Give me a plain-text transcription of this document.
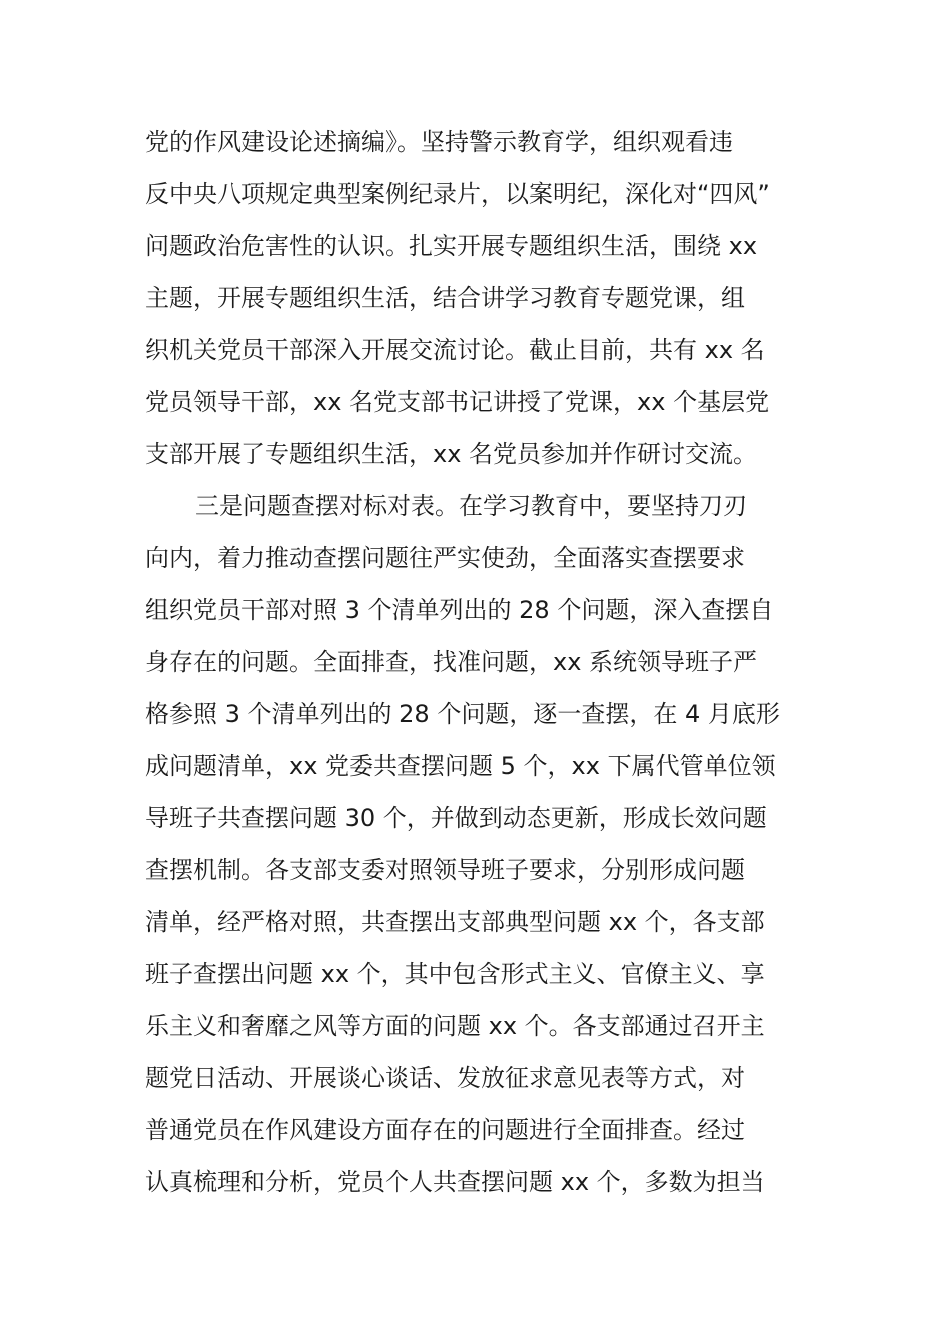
党的作风建设论述摘编》。坚持警示教育学，组织观看违
反中央八项规定典型案例纪录片，以案明纪，深化对“四风”
问题政治危害性的认识。扎实开展专题组织生活，围绕 xx
主题，开展专题组织生活，结合讲学习教育专题党课，组
织机关党员干部深入开展交流讨论。截止目前，共有 xx 名
党员领导干部，xx 名党支部书记讲授了党课，xx 个基层党
支部开展了专题组织生活，xx 名党员参加并作研讨交流。
三是问题查摆对标对表。在学习教育中，要坚持刀刃
向内，着力推动查摆问题往严实使劲，全面落实查摆要求
组织党员干部对照 3 个清单列出的 28 个问题，深入查摆自
身存在的问题。全面排查，找准问题，xx 系统领导班子严
格参照 3 个清单列出的 28 个问题，逐一查摆，在 4 月底形
成问题清单，xx 党委共查摆问题 5 个，xx 下属代管单位领
导班子共查摆问题 30 个，并做到动态更新，形成长效问题
查摆机制。各支部支委对照领导班子要求，分别形成问题
清单，经严格对照，共查摆出支部典型问题 xx 个，各支部
班子查摆出问题 xx 个，其中包含形式主义、官僚主义、享
乐主义和奢靡之风等方面的问题 xx 个。各支部通过召开主
题党日活动、开展谈心谈话、发放征求意见表等方式，对
普通党员在作风建设方面存在的问题进行全面排查。经过
认真梳理和分析，党员个人共查摆问题 xx 个，多数为担当
